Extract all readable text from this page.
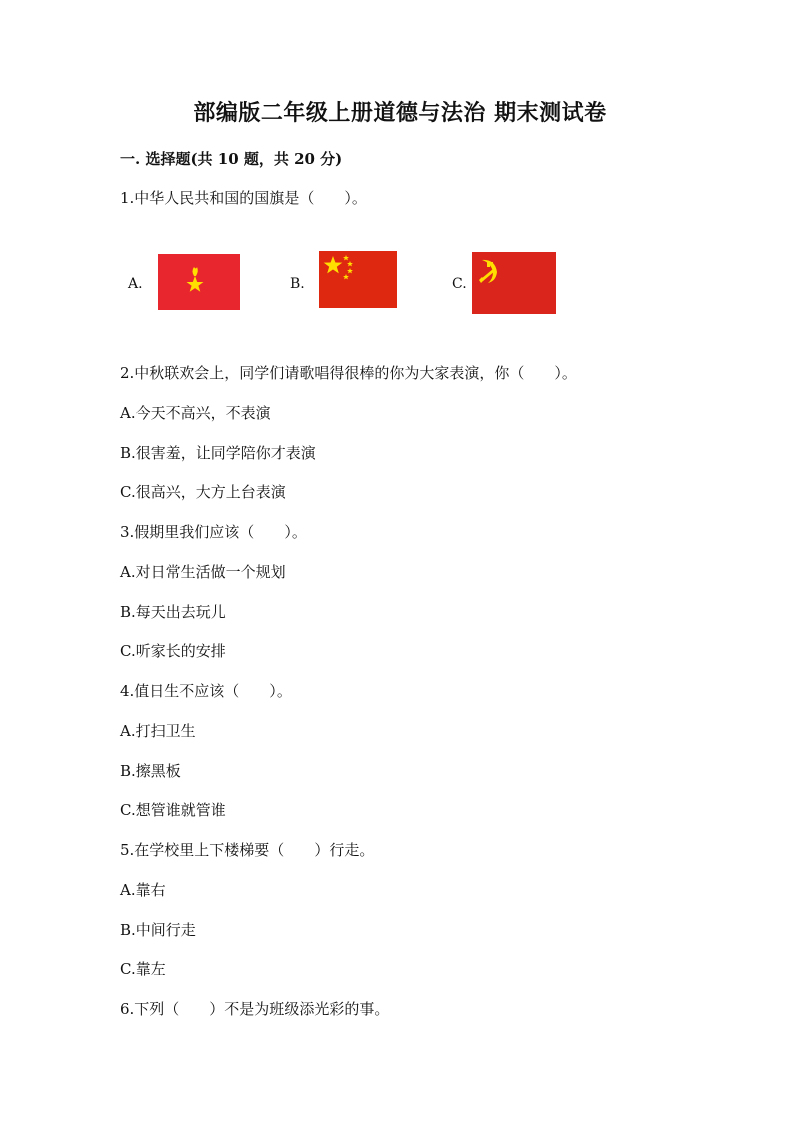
部编版二年级上册道德与法治 期末测试卷
一. 选择题(共 10 题，共 20 分)
1.中华人民共和国的国旗是（　　）。
A.	B.	C.
2.中秋联欢会上，同学们请歌唱得很棒的你为大家表演，你（　　）。
A.今天不高兴，不表演
B.很害羞，让同学陪你才表演
C.很高兴，大方上台表演
3.假期里我们应该（　　）。
A.对日常生活做一个规划
B.每天出去玩儿
C.听家长的安排
4.值日生不应该（　　）。
A.打扫卫生
B.擦黑板
C.想管谁就管谁
5.在学校里上下楼梯要（　　）行走。
A.靠右
B.中间行走
C.靠左
6.下列（　　）不是为班级添光彩的事。
